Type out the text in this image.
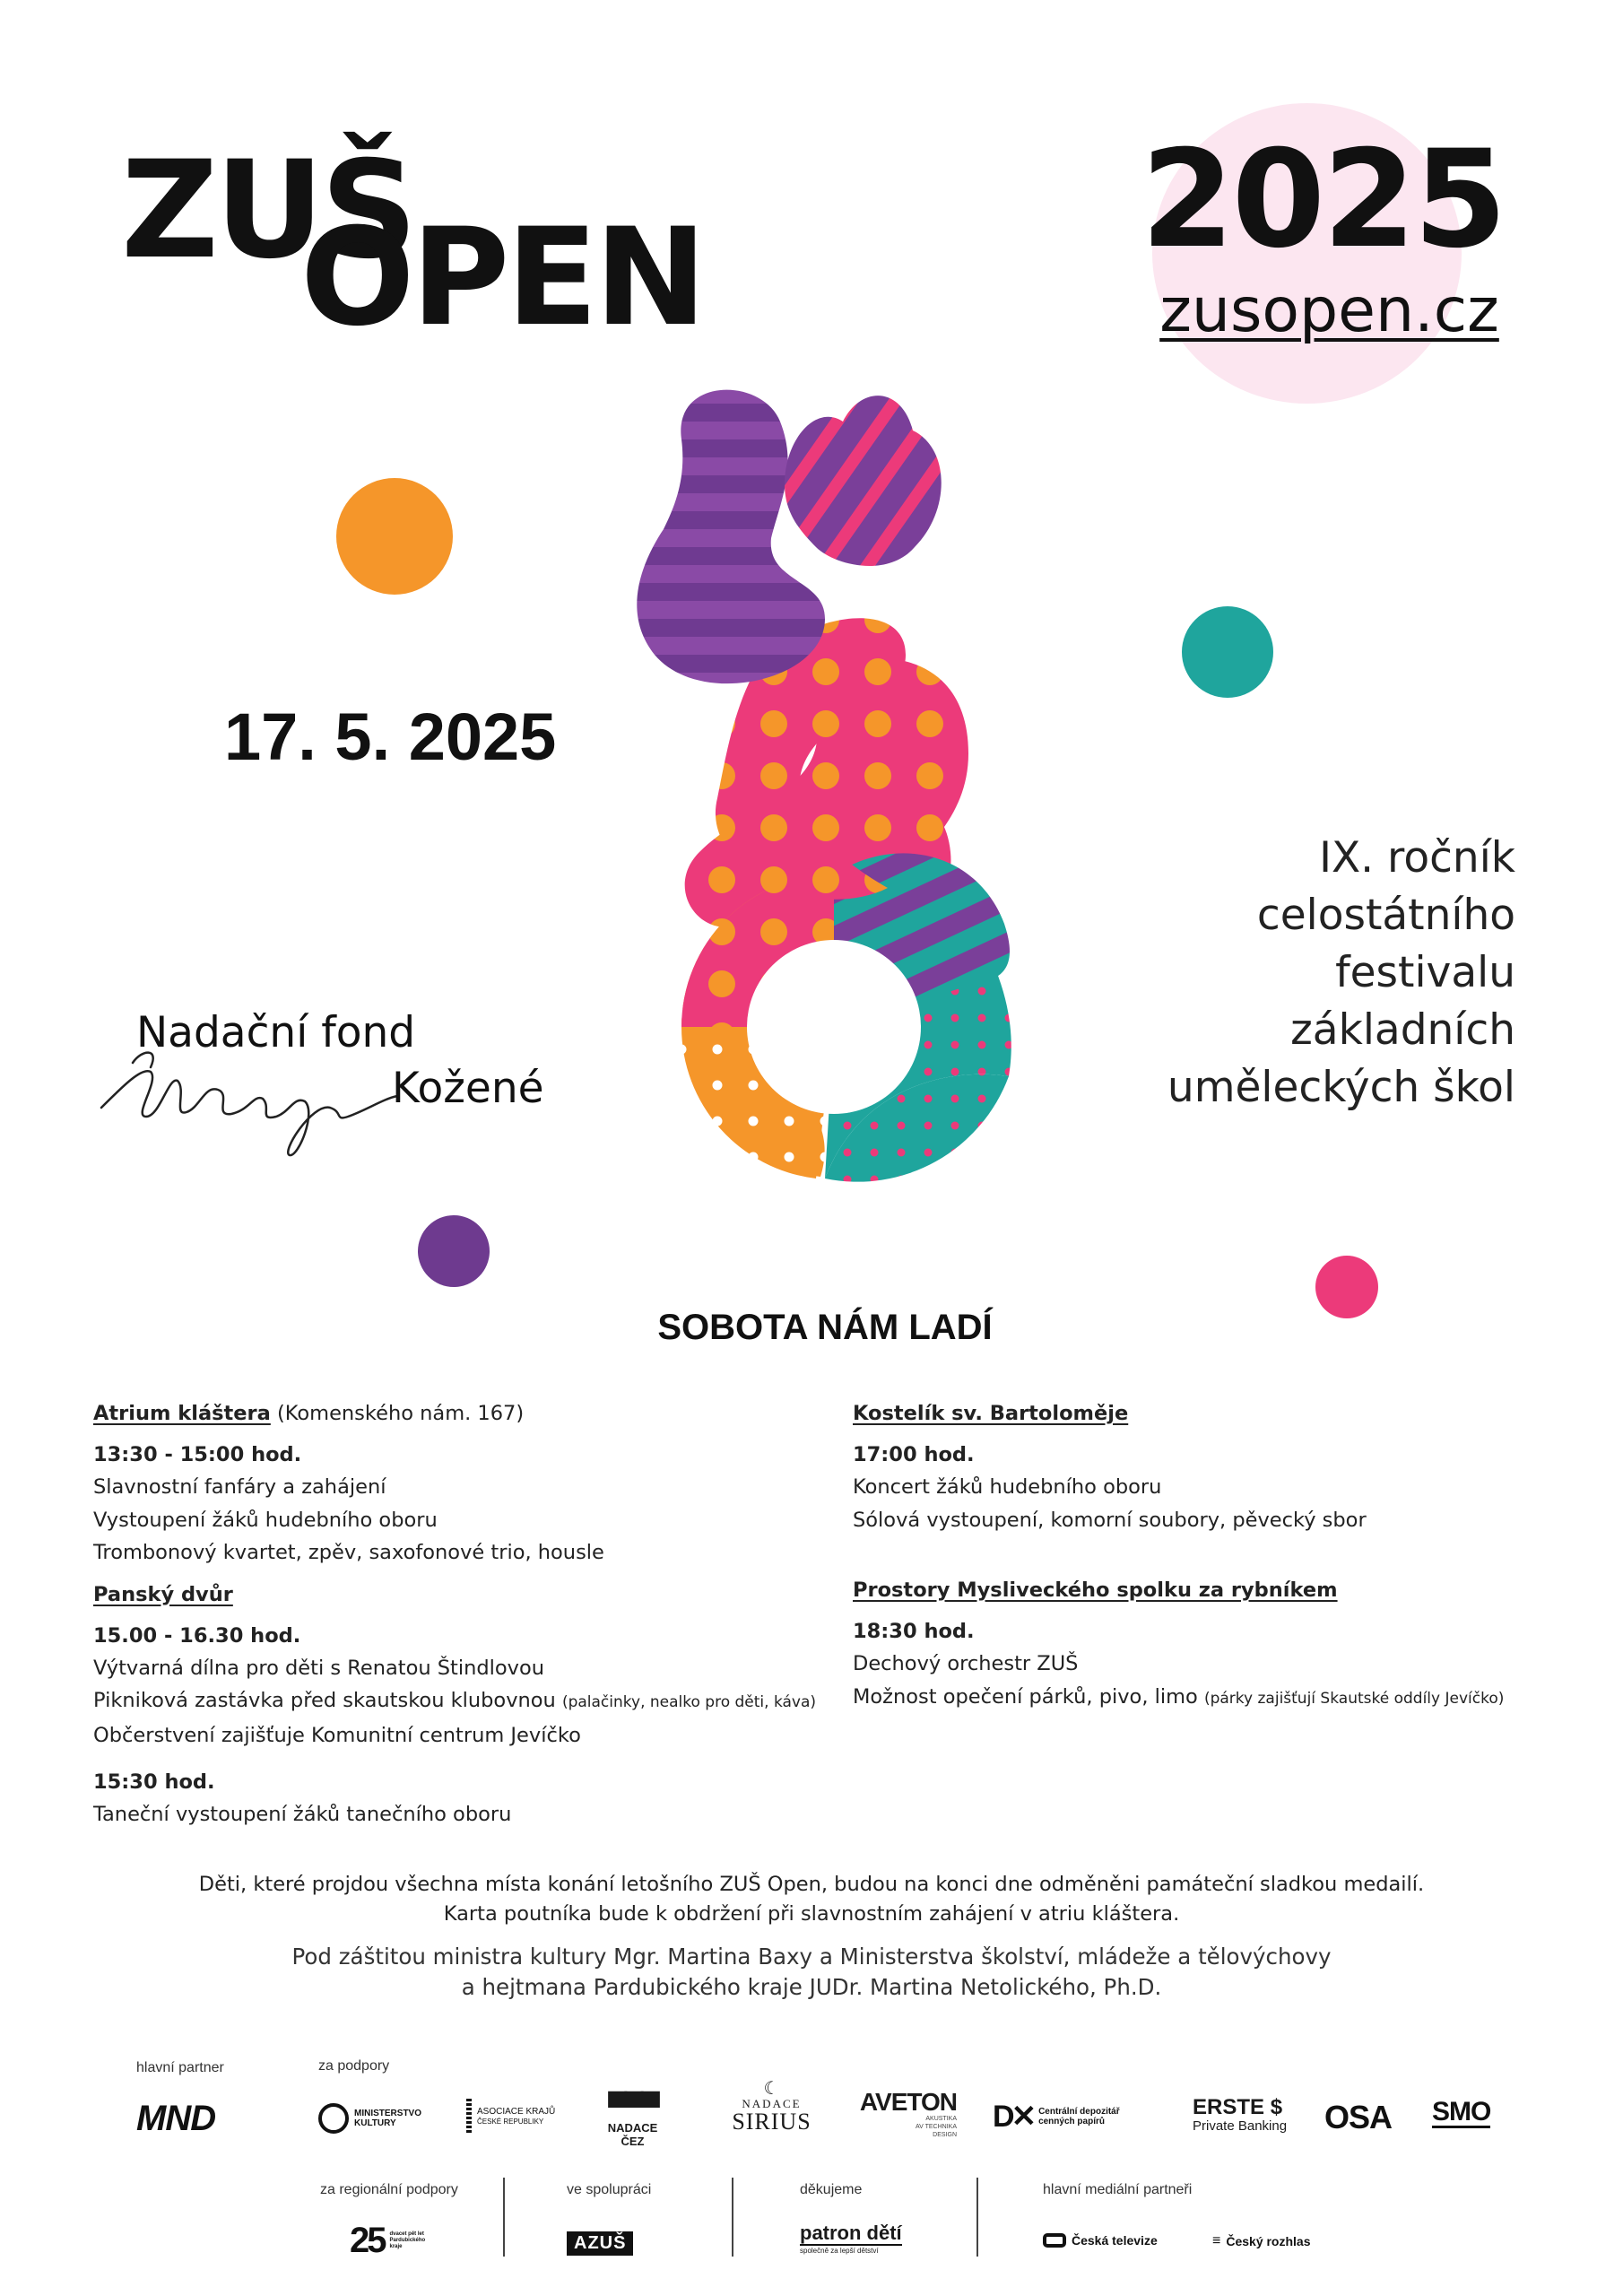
ZUŠ
OPEN	2025
zusopen.cz
17. 5. 2025
IX. ročník
celostátního
festivalu
základních
uměleckých škol
Nadační fond
Kožené
SOBOTA NÁM LADÍ
Atrium kláštera (Komenského nám. 167)
13:30 - 15:00 hod.
Slavnostní fanfáry a zahájení
Vystoupení žáků hudebního oboru
Trombonový kvartet, zpěv, saxofonové trio, housle
Panský dvůr
15.00 - 16.30 hod.
Výtvarná dílna pro děti s Renatou Štindlovou
Pikniková zastávka před skautskou klubovnou (palačinky, nealko pro děti, káva)
Občerstvení zajišťuje Komunitní centrum Jevíčko
15:30 hod.
Taneční vystoupení žáků tanečního oboru
Kostelík sv. Bartoloměje
17:00 hod.
Koncert žáků hudebního oboru
Sólová vystoupení, komorní soubory, pěvecký sbor
Prostory Mysliveckého spolku za rybníkem
18:30 hod.
Dechový orchestr ZUŠ
Možnost opečení párků, pivo, limo (párky zajišťují Skautské oddíly Jevíčko)
Děti, které projdou všechna místa konání letošního ZUŠ Open, budou na konci dne odměněni památeční sladkou medailí.
Karta poutníka bude k obdržení při slavnostním zahájení v atriu kláštera.
Pod záštitou ministra kultury Mgr. Martina Baxy a Ministerstva školství, mládeže a tělovýchovy
a hejtmana Pardubického kraje JUDr. Martina Netolického, Ph.D.
hlavní partner	za podpory
MND	MINISTERSTVO
KULTURY
ASOCIACE KRAJŮ
ČESKÉ REPUBLIKY	▀▀▀
NADACE ČEZ
☾
NADACE
SIRIUS
AVETON
AKUSTIKA
AV TECHNIKA
DESIGN
D✕ Centrální depozitář
cenných papírů
ERSTE $
Private Banking OSA SMO
za regionální podpory	ve spolupráci	děkujeme	hlavní mediální partneři
25 dvacet pět let
Pardubického
kraje	AZUŠ	patron dětí
společně za lepší dětství
Česká televize	≡ Český rozhlas
